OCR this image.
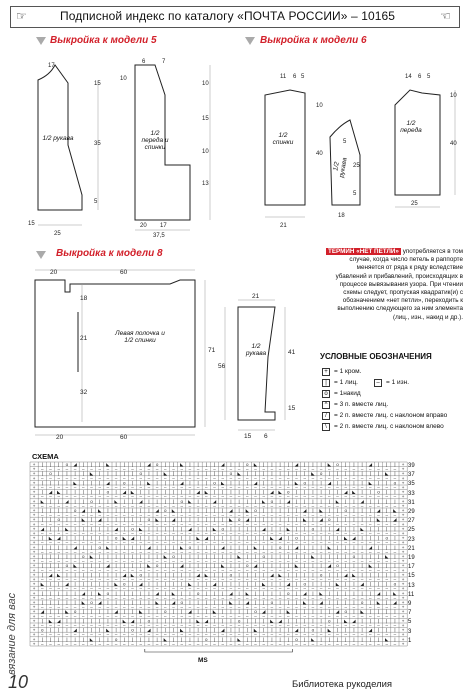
☞	Подписной индекс по каталогу «ПОЧТА РОССИИ» – 10165	☜
Выкройка к модели 5	Выкройка к модели 6
17
15
35
5
25
15
6	7
10
10
15
10
13
37,5
20 17
11 6 5
10
40
21
5
25
5
18
14 6 5
10
40
25
1/2 рукава
1/2 переда и спинки
1/2 спинки
1/2 рукава
1/2 переда
Выкройка к модели 8
20	60
20	60
18
21
32
71
21
41
15
56
15 6
Левая полочка и 1/2 спинки
1/2 рукава

ТЕРМИН «НЕТ ПЕТЛИ» употребляется в том случае, когда число петель в раппорте меняется от ряда к ряду вследствие убавлений и прибавлений, происходящих в процессе вывязывания узора. При чтении схемы следует, пропуская квадратик(и) с обозначением «нет петли», переходить к выполнению следующего за ним элемента (лиц., изн., накид и др.).

УСЛОВНЫЕ ОБОЗНАЧЕНИЯ
+ = 1 кром.
|	= 1 лиц.	– = 1 изн.
o = 1накид
^	= 3 п. вместе лиц.
/	= 2 п. вместе лиц. с наклоном вправо
\	= 2 п. вместе лиц. с наклоном влево
СХЕМА
+ | | | o ◢ | | | ◣ | | | | ◢ o | | ◣ | | | | ◢ | | o ◣ | | | | ◢ | | | ◣ o | | | ◢ | | | +
+ – – – – – – – – – – – – – – – – – – – – – – – – – – – – – – – – – – – – – – – – – – – – +
+ | o | | | | ◣ | | | | | o | | ◣ | | | | | | | o ◣ | | | | | | | | ◣ o | | | | | | | ◣ | +
+ – – – – – – – – – – – – – – – – – – – – – – – – – – – – – – – – – – – – – – – – – – – – +
+ | | | | ◣ | | | ◢ | o | | ◣ | | | ◢ | | | o ◣ | | | ◢ | | | | ◣ o | | ◢ | | | | ◣ | | o +
+ – – – – – – – – – – – – – – – – – – – – – – – – – – – – – – – – – – – – – – – – – – – – +
+ | ◢ ◣ | | | | | o | ◢ ◣ | | | | | | | ◢ ◣ | | | | | | | ◢ ◣ o | | | | | | ◢ ◣ | | o | | +
+ – – – – – – – – – – – – – – – – – – – – – – – – – – – – – – – – – – – – – – – – – – – – +
+ ◣ | | ◢ | | o | | ◣ | | ◢ | | | | o ◣ | | ◢ | | | | | ◣ o | ◢ | | | | | ◣ | | ◢ | | | | +
+ – – – – – – – – – – – – – – – – – – – – – – – – – – – – – – – – – – – – – – – – – – – – +
+ | | | | o ◢ | ◣ | | | | | | ◢ o ◣ | | | | | | ◢ | ◣ o | | | | | ◢ | ◣ | | o | | | ◢ | ◣ +
+ – – – – – – – – – – – – – – – – – – – – – – – – – – – – – – – – – – – – – – – – – – – – +
+ | | o | | ◣ | ◢ | | | | | o ◣ | ◢ | | | | | | ◣ o ◢ | | | | | | ◣ | ◢ o | | | | | ◣ | ◢ +
+ – – – – – – – – – – – – – – – – – – – – – – – – – – – – – – – – – – – – – – – – – – – – +
+ ◢ | | ◣ | | | | | ◢ | o ◣ | | | | | ◢ | | ◣ o | | | | ◢ | | ◣ | | o | | ◢ | | ◣ | | | | +
+ – – – – – – – – – – – – – – – – – – – – – – – – – – – – – – – – – – – – – – – – – – – – +
+ | ◣ ◢ | | | | | | o ◣ ◢ | | | | | | | ◣ ◢ | | | | | | | ◣ ◢ | o | | | | | ◣ ◢ | | | o | +
+ – – – – – – – – – – – – – – – – – – – – – – – – – – – – – – – – – – – – – – – – – – – – +
+ | | | | ◢ | | o ◣ | | | | ◢ | | | ◣ o | | | ◢ | | | ◣ | | o | ◢ | | | ◣ | | | | ◢ | | | +
+ – – – – – – – – – – – – – – – – – – – – – – – – – – – – – – – – – – – – – – – – – – – – +
+ | | | | | o ◣ | | | | | | | | ◣ o | | | | | | | ◣ | | o | | | | | ◣ | | | | o | | | ◣ | +
+ – – – – – – – – – – – – – – – – – – – – – – – – – – – – – – – – – – – – – – – – – – – – +
+ | | | o ◣ | | | ◢ | | | | ◣ o | | ◢ | | | | ◣ | | o ◢ | | | | ◣ | | | ◢ o | | | ◣ | | | +
+ – – – – – – – – – – – – – – – – – – – – – – – – – – – – – – – – – – – – – – – – – – – – +
+ | ◢ ◣ | | | | | | | ◢ ◣ o | | | | | | ◢ ◣ | | o | | | | ◢ ◣ | | | | o | | ◢ ◣ | | | | | +
+ – – – – – – – – – – – – – – – – – – – – – – – – – – – – – – – – – – – – – – – – – – – – +
+ ◣ | | ◢ | | | | | ◣ o | ◢ | | | | | ◣ | | ◢ | | | | | ◣ | | ◢ | o | | | ◣ | | ◢ | | | o +
+ – – – – – – – – – – – – – – – – – – – – – – – – – – – – – – – – – – – – – – – – – – – – +
+ | | | | | ◢ | ◣ o | | | | | ◢ | ◣ | | o | | | ◢ | ◣ | | | | o | ◢ | ◣ | | | | | | ◢ | ◣ +
+ – – – – – – – – – – – – – – – – – – – – – – – – – – – – – – – – – – – – – – – – – – – – +
+ | | | | | ◣ o ◢ | | | | | | ◣ | ◢ o | | | | | ◣ | ◢ | | o | | | ◣ | ◢ | | | | o | ◣ | ◢ +
+ – – – – – – – – – – – – – – – – – – – – – – – – – – – – – – – – – – – – – – – – – – – – +
+ ◢ | | ◣ o | | | | ◢ | | ◣ | | o | | ◢ | | ◣ | | | | o ◢ | | ◣ | | | | | ◢ o | ◣ | | | | +
+ – – – – – – – – – – – – – – – – – – – – – – – – – – – – – – – – – – – – – – – – – – – – +
+ | ◣ ◢ | | | | | | | ◣ ◢ | o | | | | | ◣ ◢ | | | o | | | ◣ ◢ | | | | | o | ◣ ◢ | | | | | +
+ – – – – – – – – – – – – – – – – – – – – – – – – – – – – – – – – – – – – – – – – – – – – +
+ o | | | ◢ | | | ◣ | | o | ◢ | | | ◣ | | | | ◢ | | | ◣ | | | | ◢ | o | ◣ | | | | ◢ | | | +
+ – – – – – – – – – – – – – – – – – – – – – – – – – – – – – – – – – – – – – – – – – – – – +
+ | | | | | | ◣ | | o | | | | | ◣ | | | | o | | | ◣ | | | | | | o | ◣ | | | | | | | | ◣ | +
+ – – – – – – – – – – – – – – – – – – – – – – – – – – – – – – – – – – – – – – – – – – – – +
39
37
35
33
31
29
27
25
23
21
19
17
15
13
11
9
7
5
3
1
MS
вязание для вас
10	Библиотека рукоделия
